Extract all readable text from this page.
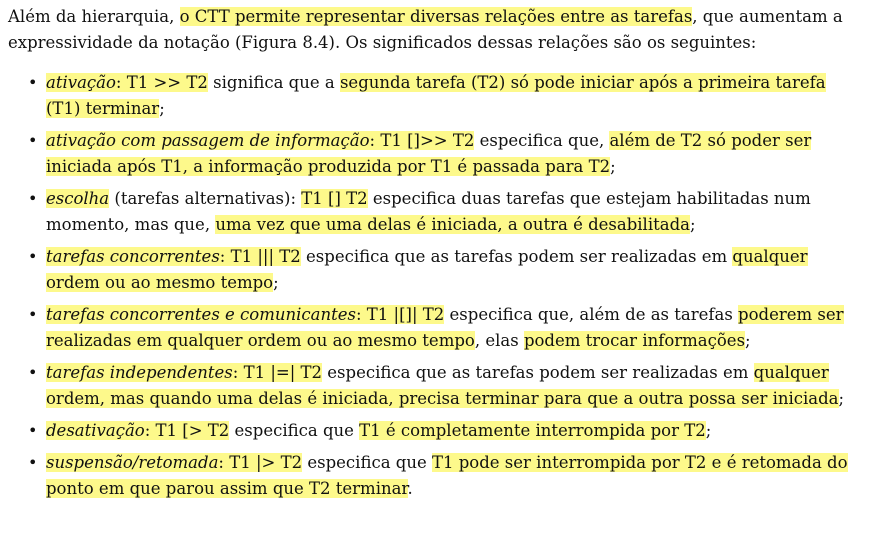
Além da hierarquia, o CTT permite representar diversas relações entre as tarefas, que aumentam a expressividade da notação (Figura 8.4). Os significados dessas relações são os seguintes:

• ativação: T1 >> T2 significa que a segunda tarefa (T2) só pode iniciar após a primeira tarefa (T1) terminar;
• ativação com passagem de informação: T1 []>> T2 especifica que, além de T2 só poder ser iniciada após T1, a informação produzida por T1 é passada para T2;
• escolha (tarefas alternativas): T1 [] T2 especifica duas tarefas que estejam habilitadas num momento, mas que, uma vez que uma delas é iniciada, a outra é desabilitada;
• tarefas concorrentes: T1 ||| T2 especifica que as tarefas podem ser realizadas em qualquer ordem ou ao mesmo tempo;
• tarefas concorrentes e comunicantes: T1 |[]| T2 especifica que, além de as tarefas poderem ser realizadas em qualquer ordem ou ao mesmo tempo, elas podem trocar informações;
• tarefas independentes: T1 |=| T2 especifica que as tarefas podem ser realizadas em qualquer ordem, mas quando uma delas é iniciada, precisa terminar para que a outra possa ser iniciada;
• desativação: T1 [> T2 especifica que T1 é completamente interrompida por T2;
• suspensão/retomada: T1 |> T2 especifica que T1 pode ser interrompida por T2 e é retomada do ponto em que parou assim que T2 terminar.
